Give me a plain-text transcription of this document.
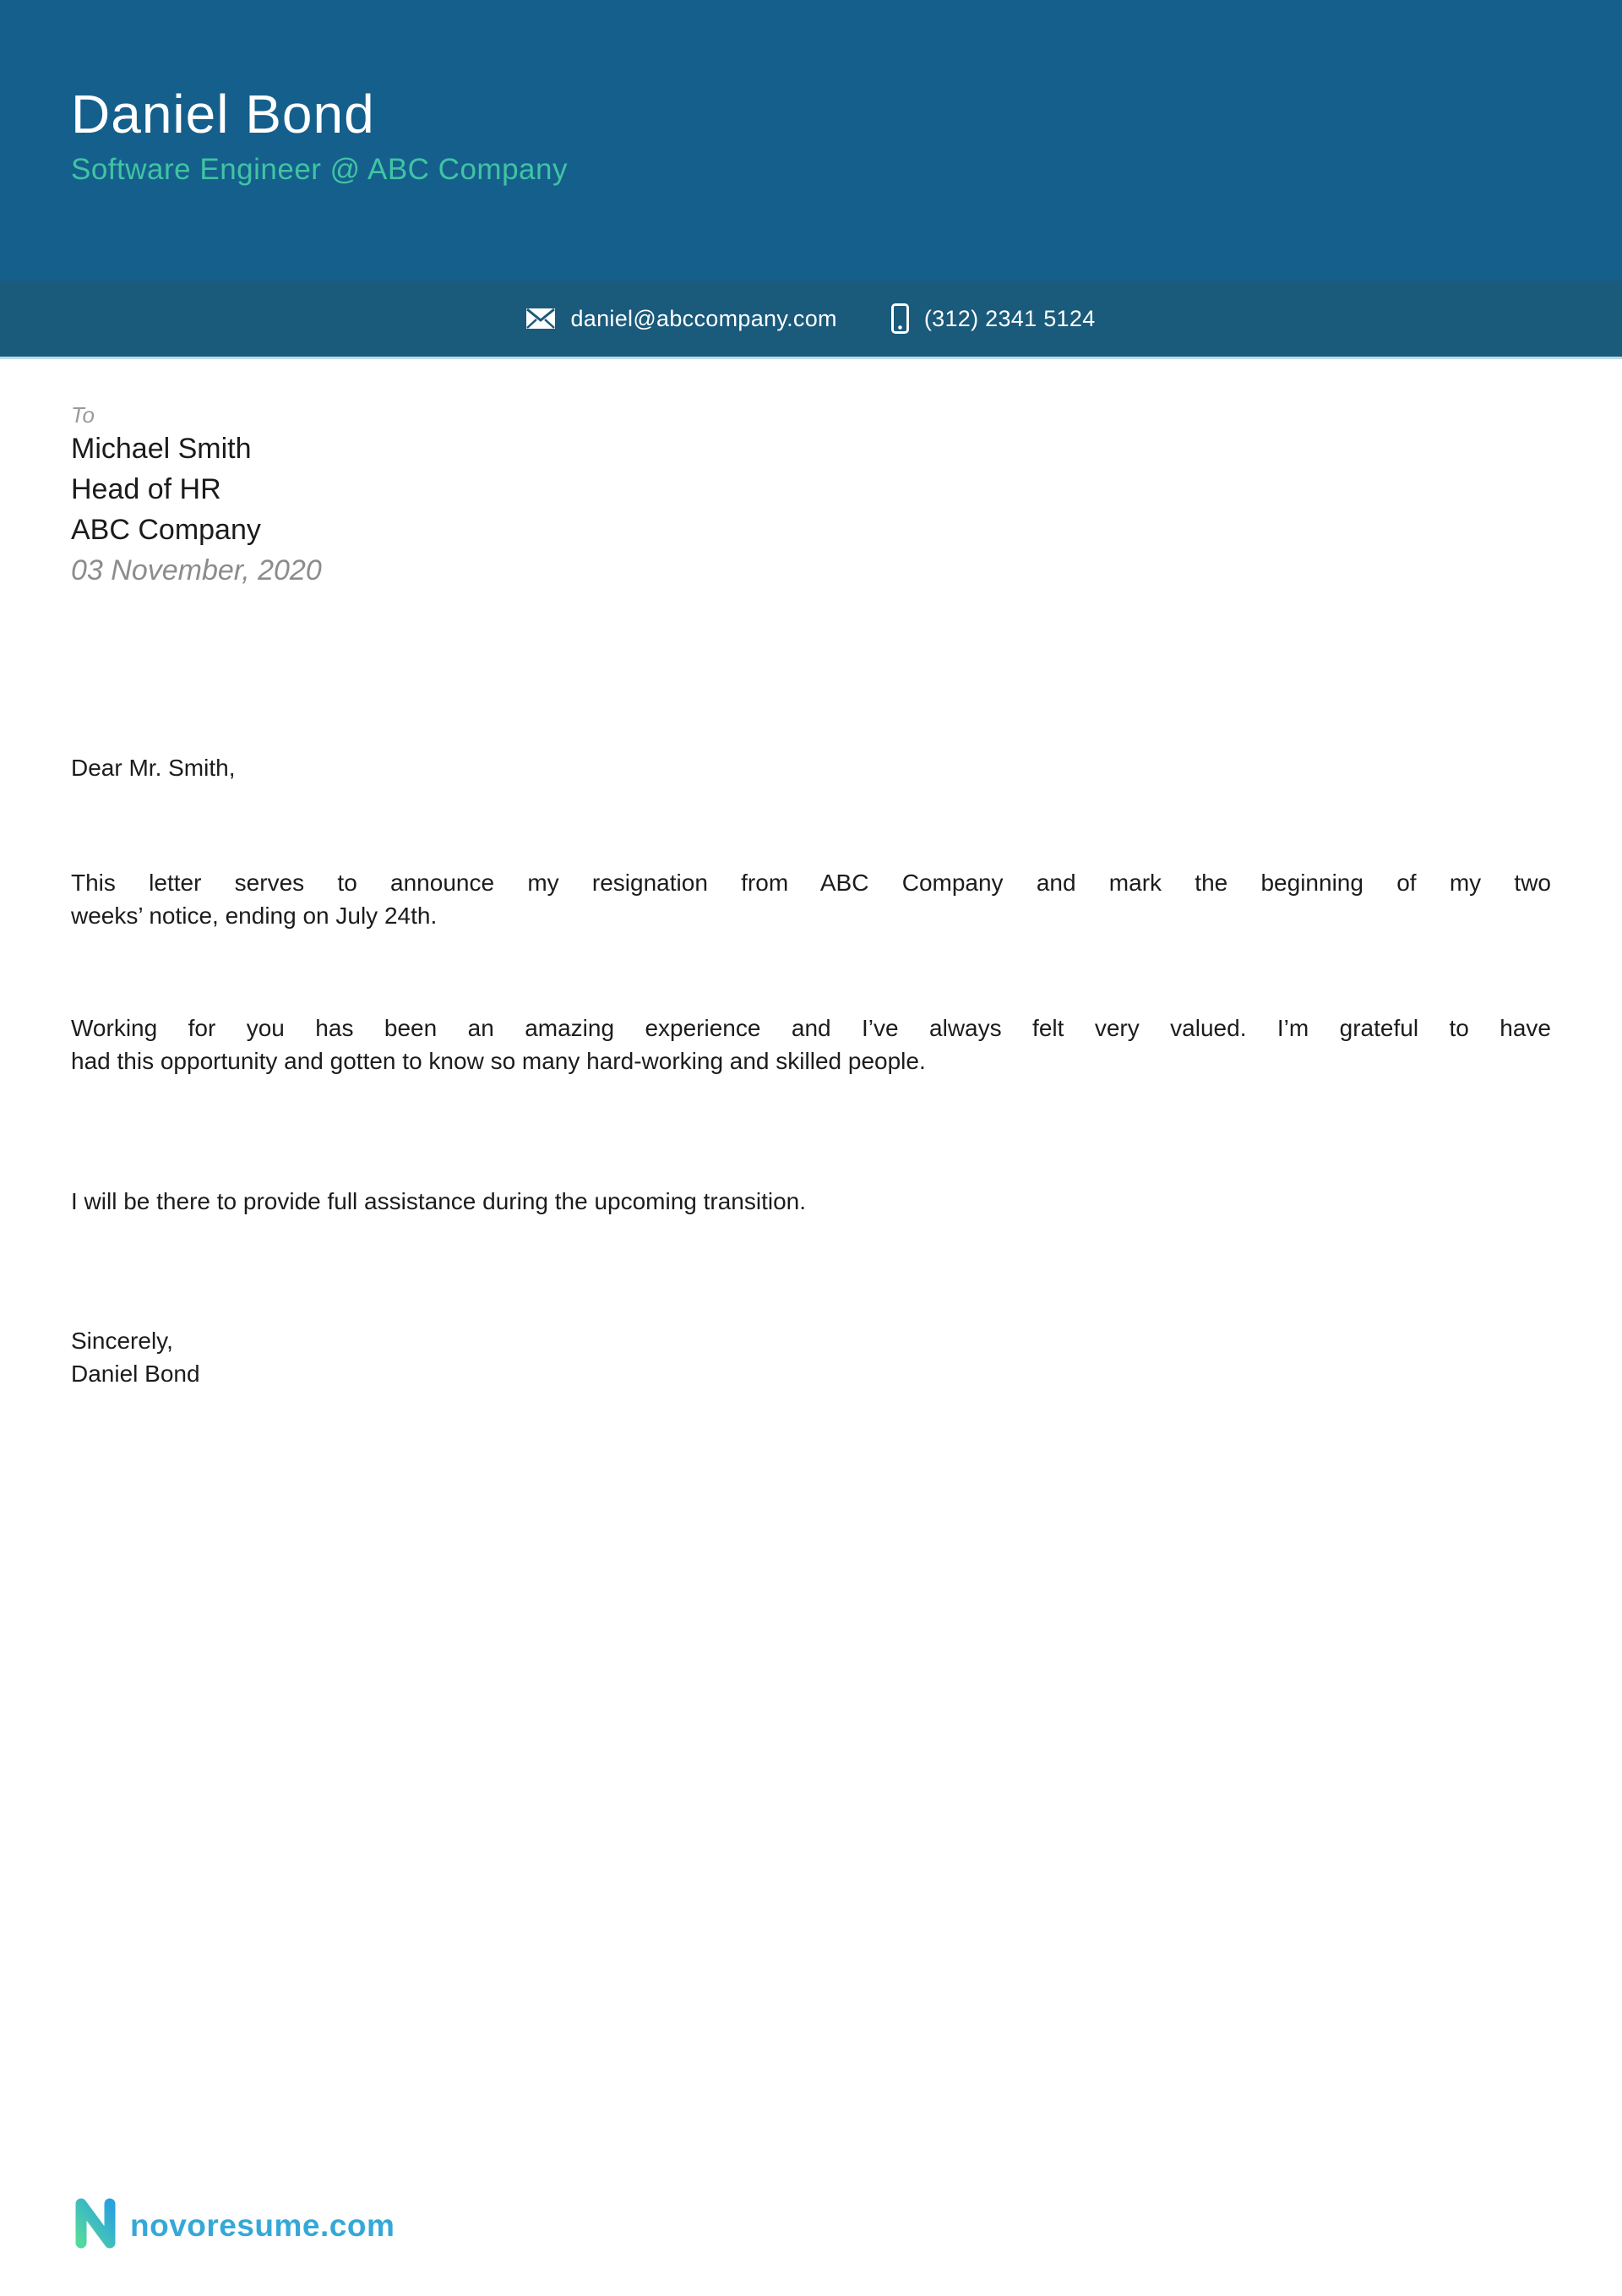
Daniel Bond
Software Engineer @ ABC Company
daniel@abccompany.com	(312) 2341 5124
To
Michael Smith
Head of HR
ABC Company
03 November, 2020
Dear Mr. Smith,
This letter serves to announce my resignation from ABC Company and mark the beginning of my two
weeks’ notice, ending on July 24th.
Working for you has been an amazing experience and I’ve always felt very valued. I’m grateful to have
had this opportunity and gotten to know so many hard-working and skilled people.
I will be there to provide full assistance during the upcoming transition.
Sincerely,
Daniel Bond
novoresume.com
